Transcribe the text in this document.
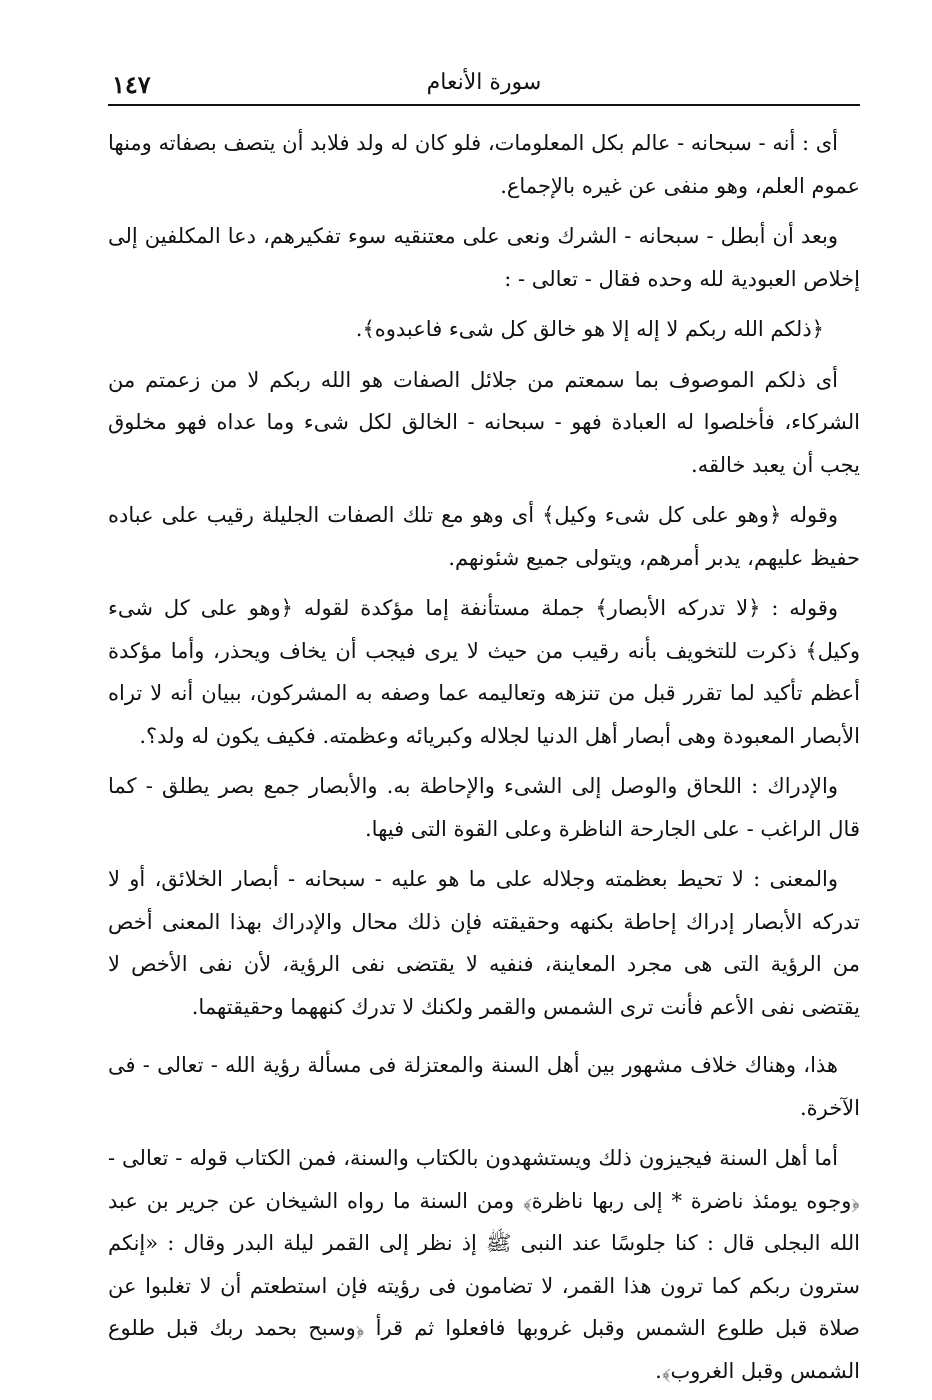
سورة الأنعام
١٤٧

أى : أنه - سبحانه - عالم بكل المعلومات، فلو كان له ولد فلابد أن يتصف بصفاته ومنها عموم العلم، وهو منفى عن غيره بالإجماع.

وبعد أن أبطل - سبحانه - الشرك ونعى على معتنقيه سوء تفكيرهم، دعا المكلفين إلى إخلاص العبودية لله وحده فقال - تعالى - :

﴿ذلكم الله ربكم لا إله إلا هو خالق كل شىء فاعبدوه﴾.

أى ذلكم الموصوف بما سمعتم من جلائل الصفات هو الله ربكم لا من زعمتم من الشركاء، فأخلصوا له العبادة فهو - سبحانه - الخالق لكل شىء وما عداه فهو مخلوق يجب أن يعبد خالقه.

وقوله ﴿وهو على كل شىء وكيل﴾ أى وهو مع تلك الصفات الجليلة رقيب على عباده حفيظ عليهم، يدبر أمرهم، ويتولى جميع شئونهم.

وقوله : ﴿لا تدركه الأبصار﴾ جملة مستأنفة إما مؤكدة لقوله ﴿وهو على كل شىء وكيل﴾ ذكرت للتخويف بأنه رقيب من حيث لا يرى فيجب أن يخاف ويحذر، وأما مؤكدة أعظم تأكيد لما تقرر قبل من تنزهه وتعاليمه عما وصفه به المشركون، ببيان أنه لا تراه الأبصار المعبودة وهى أبصار أهل الدنيا لجلاله وكبريائه وعظمته. فكيف يكون له ولد؟.

والإدراك : اللحاق والوصل إلى الشىء والإحاطة به. والأبصار جمع بصر يطلق - كما قال الراغب - على الجارحة الناظرة وعلى القوة التى فيها.

والمعنى : لا تحيط بعظمته وجلاله على ما هو عليه - سبحانه - أبصار الخلائق، أو لا تدركه الأبصار إدراك إحاطة بكنهه وحقيقته فإن ذلك محال والإدراك بهذا المعنى أخص من الرؤية التى هى مجرد المعاينة، فنفيه لا يقتضى نفى الرؤية، لأن نفى الأخص لا يقتضى نفى الأعم فأنت ترى الشمس والقمر ولكنك لا تدرك كنههما وحقيقتهما.

هذا، وهناك خلاف مشهور بين أهل السنة والمعتزلة فى مسألة رؤية الله - تعالى - فى الآخرة.

أما أهل السنة فيجيزون ذلك ويستشهدون بالكتاب والسنة، فمن الكتاب قوله - تعالى - ﴿وجوه يومئذ ناضرة * إلى ربها ناظرة﴾ ومن السنة ما رواه الشيخان عن جرير بن عبد الله البجلى قال : كنا جلوسًا عند النبى ﷺ إذ نظر إلى القمر ليلة البدر وقال : «إنكم سترون ربكم كما ترون هذا القمر، لا تضامون فى رؤيته فإن استطعتم أن لا تغلبوا عن صلاة قبل طلوع الشمس وقبل غروبها فافعلوا ثم قرأ ﴿وسبح بحمد ربك قبل طلوع الشمس وقبل الغروب﴾.
